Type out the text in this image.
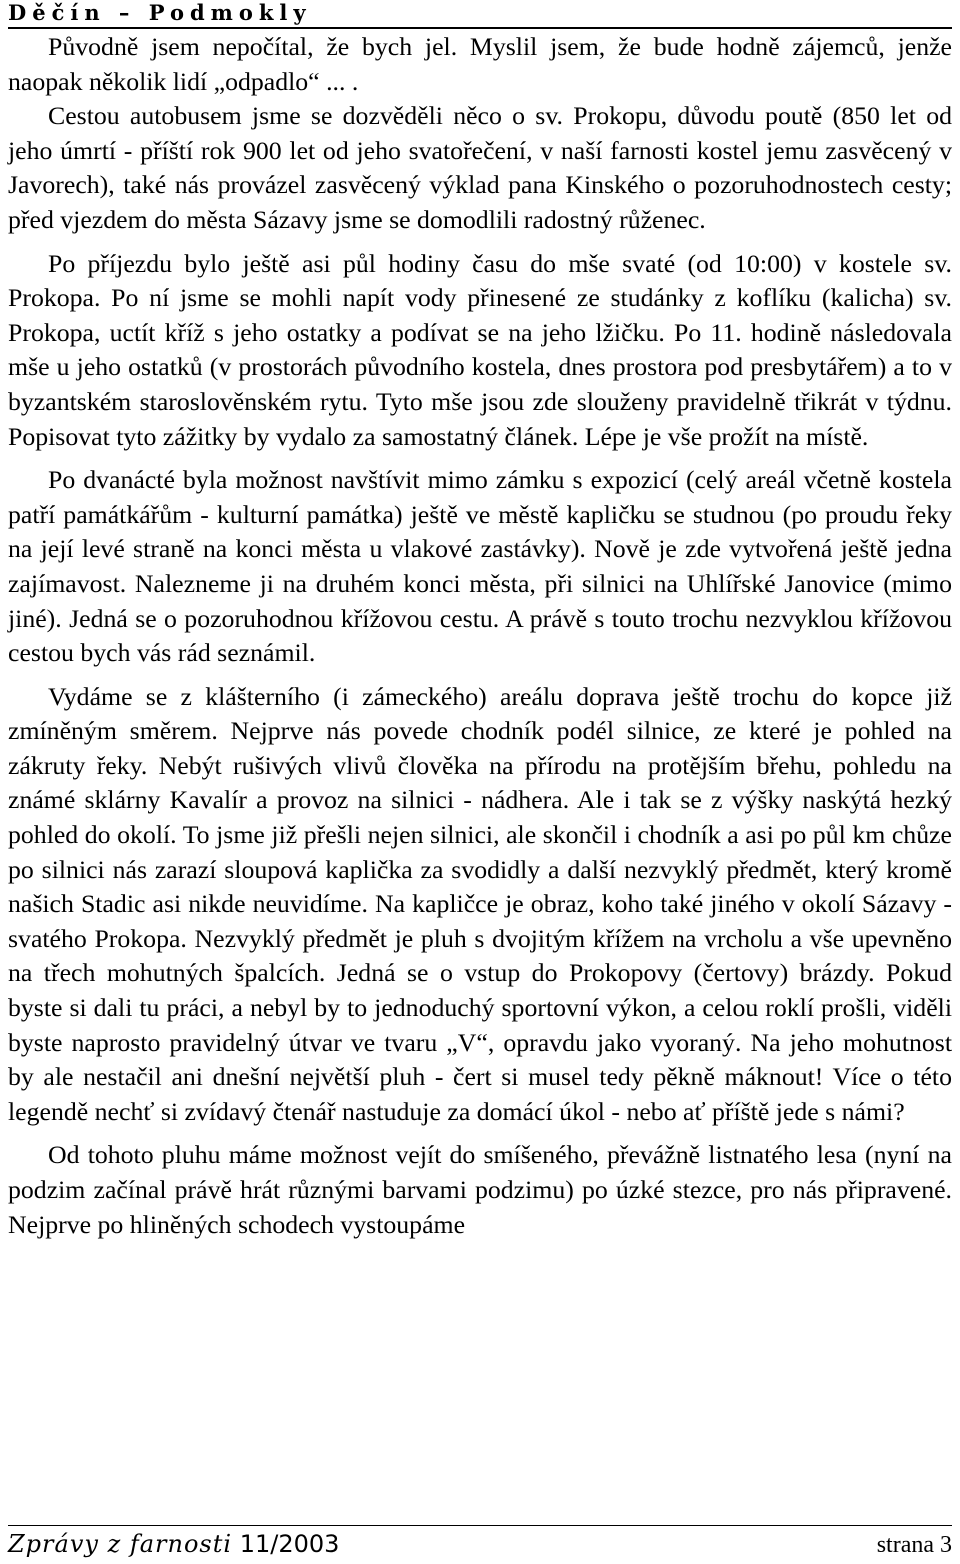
Děčín – Podmokly

Původně jsem nepočítal, že bych jel. Myslil jsem, že bude hodně zájemců, jenže naopak několik lidí „odpadlo“ ... .

Cestou autobusem jsme se dozvěděli něco o sv. Prokopu, důvodu poutě (850 let od jeho úmrtí - příští rok 900 let od jeho svatořečení, v naší farnosti kostel jemu zasvěcený v Javorech), také nás provázel zasvěcený výklad pana Kinského o pozoruhodnostech cesty; před vjezdem do města Sázavy jsme se domodlili radostný růženec.

Po příjezdu bylo ještě asi půl hodiny času do mše svaté (od 10:00) v kostele sv. Prokopa. Po ní jsme se mohli napít vody přinesené ze studánky z koflíku (kalicha) sv. Prokopa, uctít kříž s jeho ostatky a podívat se na jeho lžičku. Po 11. hodině následovala mše u jeho ostatků (v prostorách původního kostela, dnes prostora pod presbytářem) a to v byzantském staroslověnském rytu. Tyto mše jsou zde slouženy pravidelně třikrát v týdnu. Popisovat tyto zážitky by vydalo za samostatný článek. Lépe je vše prožít na místě.

Po dvanácté byla možnost navštívit mimo zámku s expozicí (celý areál včetně kostela patří památkářům - kulturní památka) ještě ve městě kapličku se studnou (po proudu řeky na její levé straně na konci města u vlakové zastávky). Nově je zde vytvořená ještě jedna zajímavost. Nalezneme ji na druhém konci města, při silnici na Uhlířské Janovice (mimo jiné). Jedná se o pozoruhodnou křížovou cestu. A právě s touto trochu nezvyklou křížovou cestou bych vás rád seznámil.

Vydáme se z klášterního (i zámeckého) areálu doprava ještě trochu do kopce již zmíněným směrem. Nejprve nás povede chodník podél silnice, ze které je pohled na zákruty řeky. Nebýt rušivých vlivů člověka na přírodu na protějším břehu, pohledu na známé sklárny Kavalír a provoz na silnici - nádhera. Ale i tak se z výšky naskýtá hezký pohled do okolí. To jsme již přešli nejen silnici, ale skončil i chodník a asi po půl km chůze po silnici nás zarazí sloupová kaplička za svodidly a další nezvyklý předmět, který kromě našich Stadic asi nikde neuvidíme. Na kapličce je obraz, koho také jiného v okolí Sázavy - svatého Prokopa. Nezvyklý předmět je pluh s dvojitým křížem na vrcholu a vše upevněno na třech mohutných špalcích. Jedná se o vstup do Prokopovy (čertovy) brázdy. Pokud byste si dali tu práci, a nebyl by to jednoduchý sportovní výkon, a celou roklí prošli, viděli byste naprosto pravidelný útvar ve tvaru „V“, opravdu jako vyoraný. Na jeho mohutnost by ale nestačil ani dnešní největší pluh - čert si musel tedy pěkně máknout! Více o této legendě nechť si zvídavý čtenář nastuduje za domácí úkol - nebo ať příště jede s námi?

Od tohoto pluhu máme možnost vejít do smíšeného, převážně listnatého lesa (nyní na podzim začínal právě hrát různými barvami podzimu) po úzké stezce, pro nás připravené. Nejprve po hliněných schodech vystoupáme

Zprávy z farnosti 11/2003	strana 3
